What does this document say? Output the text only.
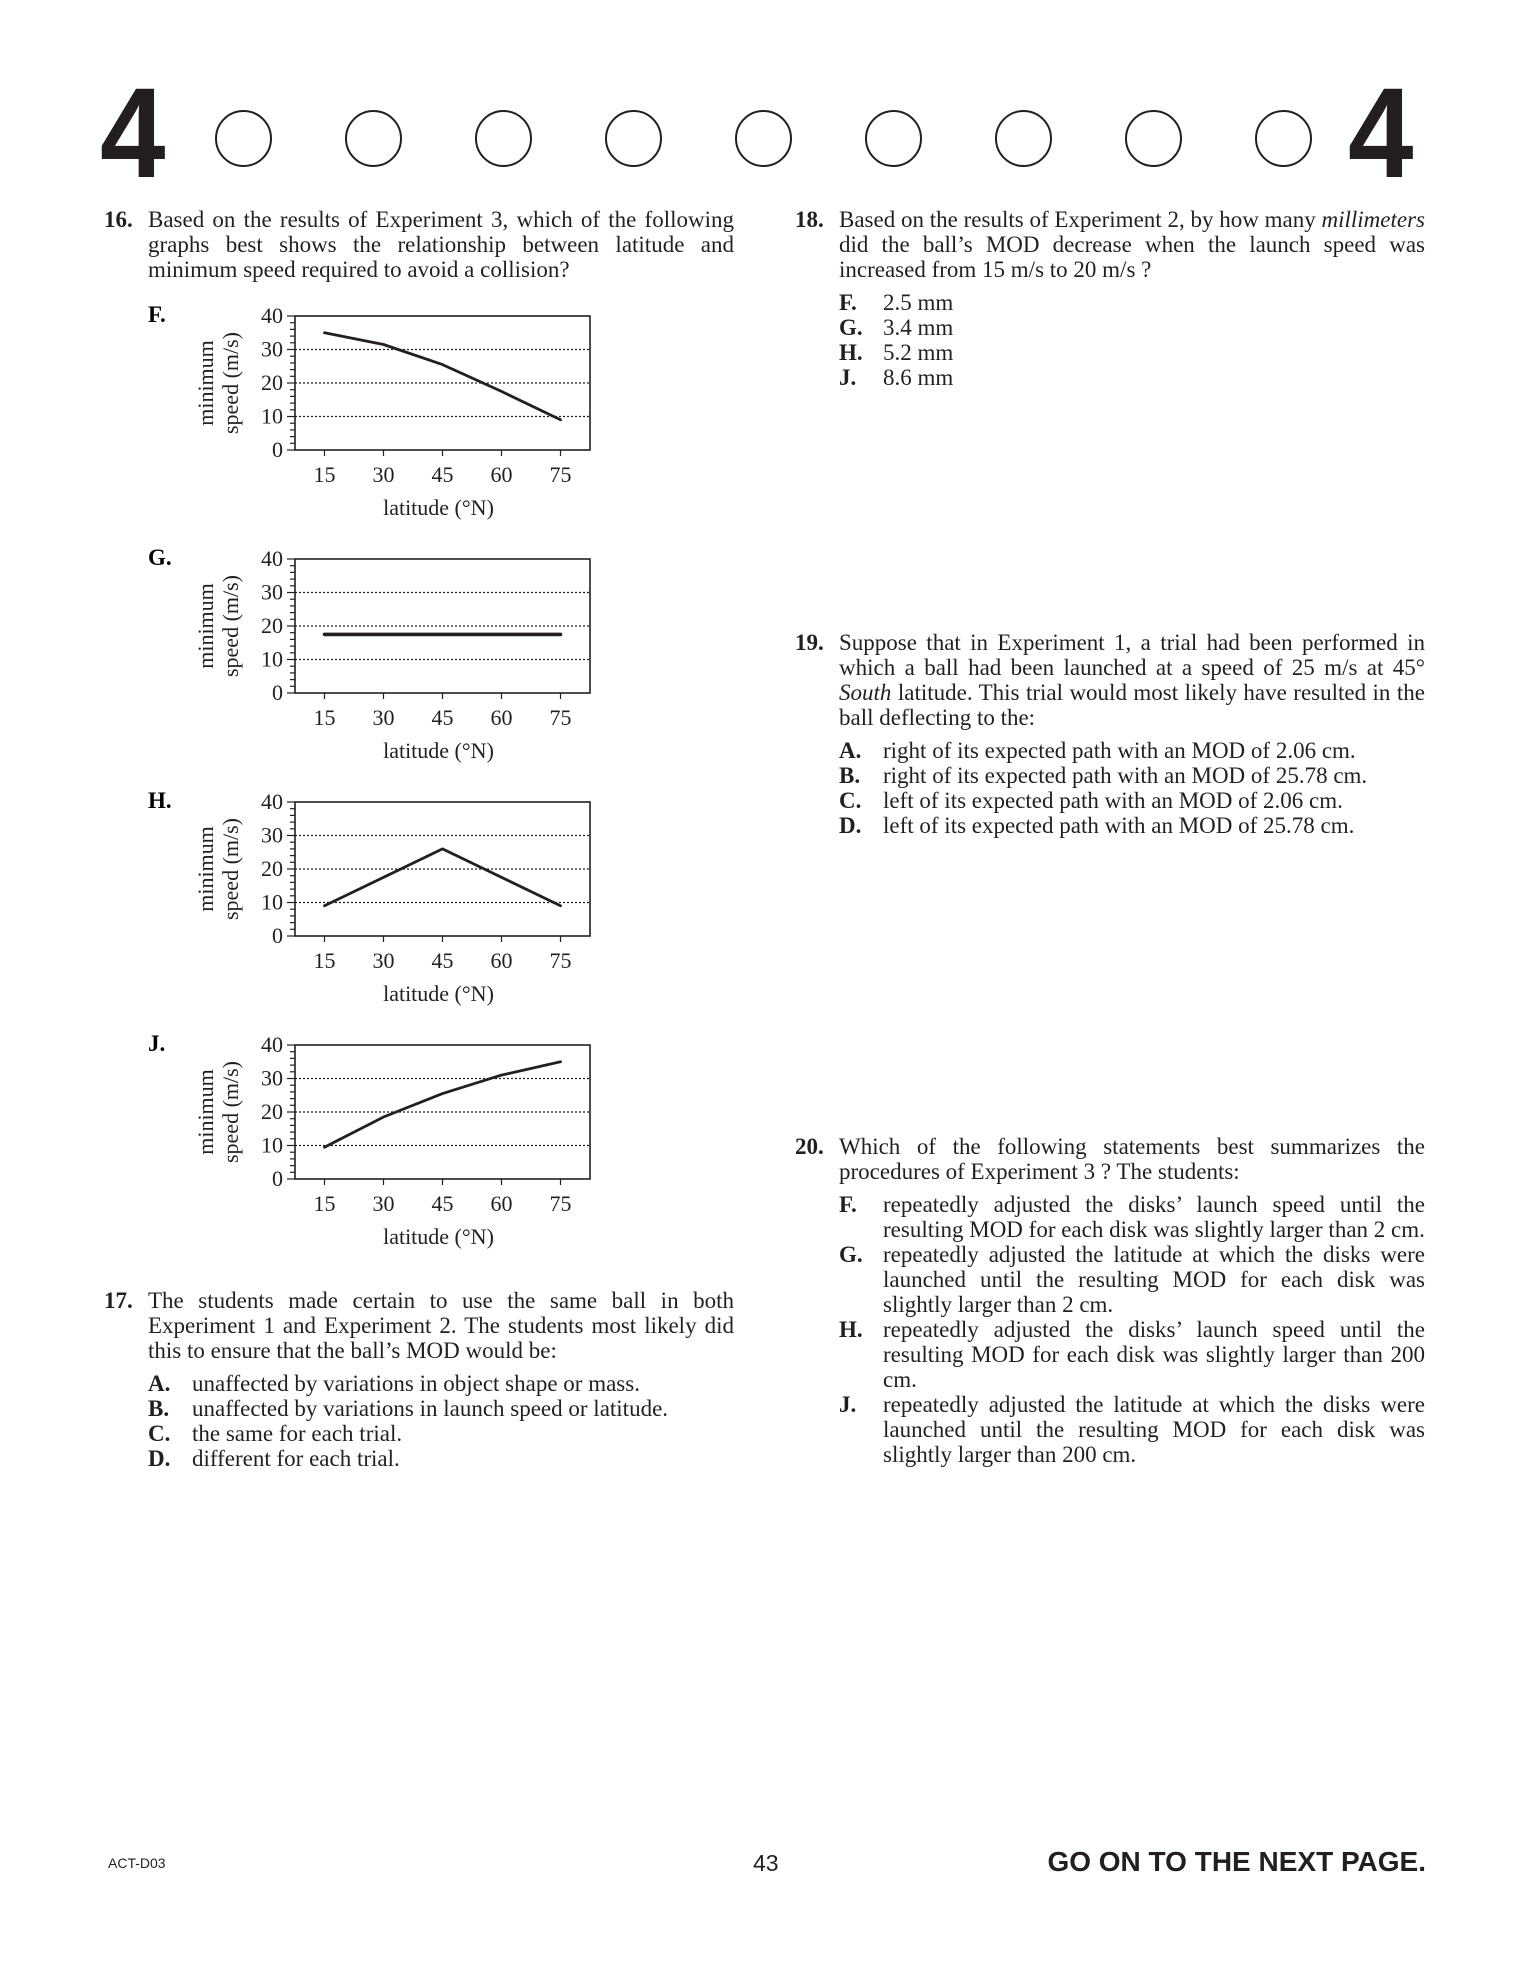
4	4
16. Based on the results of Experiment 3, which of the following graphs best shows the relationship between latitude and minimum speed required to avoid a collision?
F.
15 30 45 60 75
0
10
20
30
40
latitude (°N)
minimum speed (m/s)
G.
15 30 45 60 75
0
10
20
30
40
latitude (°N)
minimum speed (m/s)
H.
15 30 45 60 75
0
10
20
30
40
latitude (°N)
minimum speed (m/s)
J.
15 30 45 60 75
0
10
20
30
40
latitude (°N)
minimum speed (m/s)
17. The students made certain to use the same ball in both Experiment 1 and Experiment 2. The students most likely did this to ensure that the ball’s MOD would be:
A. unaffected by variations in object shape or mass.
B. unaffected by variations in launch speed or latitude.
C. the same for each trial.
D. different for each trial.
18. Based on the results of Experiment 2, by how many millimeters did the ball’s MOD decrease when the launch speed was increased from 15 m/s to 20 m/s ?
F.	2.5 mm
G. 3.4 mm
H. 5.2 mm
J.	8.6 mm
19. Suppose that in Experiment 1, a trial had been performed in which a ball had been launched at a speed of 25 m/s at 45° South latitude. This trial would most likely have resulted in the ball deflecting to the:
A. right of its expected path with an MOD of 2.06 cm.
B. right of its expected path with an MOD of 25.78 cm.
C. left of its expected path with an MOD of 2.06 cm.
D. left of its expected path with an MOD of 25.78 cm.
20. Which of the following statements best summarizes the procedures of Experiment 3 ? The students:
F.	repeatedly adjusted the disks’ launch speed until the resulting MOD for each disk was slightly larger than 2 cm.
G. repeatedly adjusted the latitude at which the disks were launched until the resulting MOD for each disk was slightly larger than 2 cm.
H. repeatedly adjusted the disks’ launch speed until the resulting MOD for each disk was slightly larger than 200 cm.
J.	repeatedly adjusted the latitude at which the disks were launched until the resulting MOD for each disk was slightly larger than 200 cm.
ACT-D03	43	GO ON TO THE NEXT PAGE.
